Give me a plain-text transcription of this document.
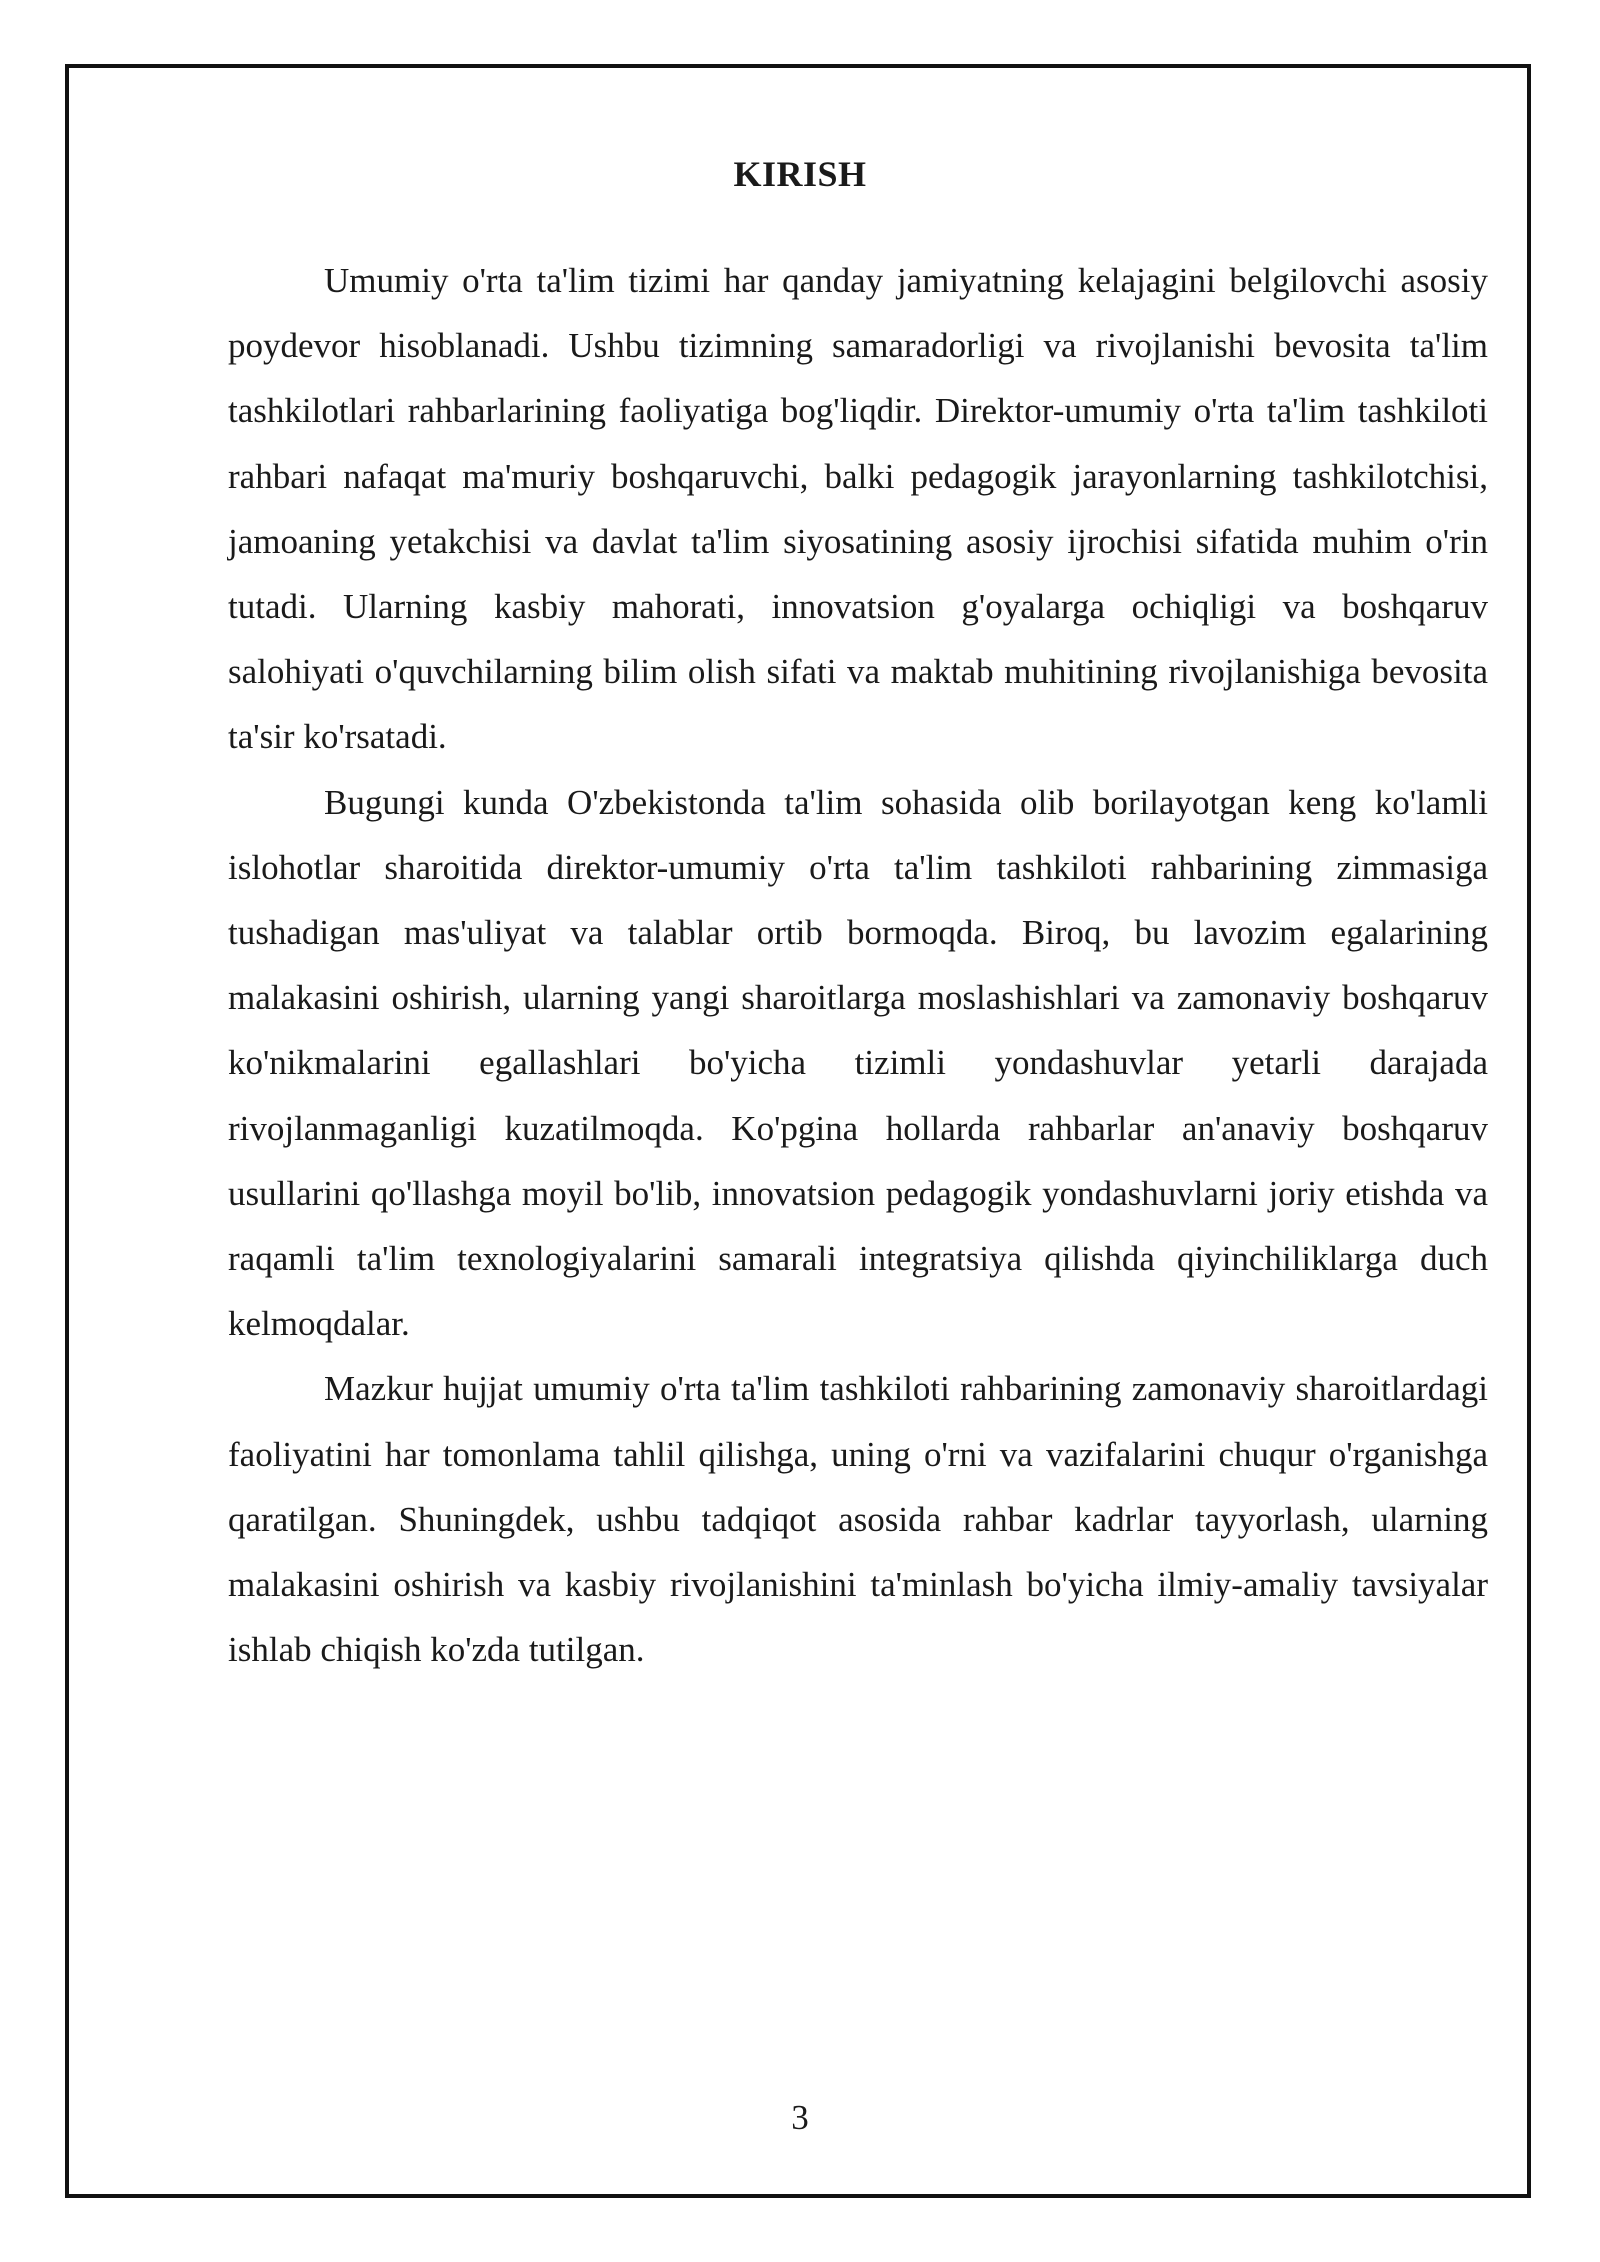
KIRISH

Umumiy o'rta ta'lim tizimi har qanday jamiyatning kelajagini belgilovchi asosiy poydevor hisoblanadi. Ushbu tizimning samaradorligi va rivojlanishi bevosita ta'lim tashkilotlari rahbarlarining faoliyatiga bog'liqdir. Direktor-umumiy o'rta ta'lim tashkiloti rahbari nafaqat ma'muriy boshqaruvchi, balki pedagogik jarayonlarning tashkilotchisi, jamoaning yetakchisi va davlat ta'lim siyosatining asosiy ijrochisi sifatida muhim o'rin tutadi. Ularning kasbiy mahorati, innovatsion g'oyalarga ochiqligi va boshqaruv salohiyati o'quvchilarning bilim olish sifati va maktab muhitining rivojlanishiga bevosita ta'sir ko'rsatadi.

Bugungi kunda O'zbekistonda ta'lim sohasida olib borilayotgan keng ko'lamli islohotlar sharoitida direktor-umumiy o'rta ta'lim tashkiloti rahbarining zimmasiga tushadigan mas'uliyat va talablar ortib bormoqda. Biroq, bu lavozim egalarining malakasini oshirish, ularning yangi sharoitlarga moslashishlari va zamonaviy boshqaruv ko'nikmalarini egallashlari bo'yicha tizimli yondashuvlar yetarli darajada rivojlanmaganligi kuzatilmoqda. Ko'pgina hollarda rahbarlar an'anaviy boshqaruv usullarini qo'llashga moyil bo'lib, innovatsion pedagogik yondashuvlarni joriy etishda va raqamli ta'lim texnologiyalarini samarali integratsiya qilishda qiyinchiliklarga duch kelmoqdalar.

Mazkur hujjat umumiy o'rta ta'lim tashkiloti rahbarining zamonaviy sharoitlardagi faoliyatini har tomonlama tahlil qilishga, uning o'rni va vazifalarini chuqur o'rganishga qaratilgan. Shuningdek, ushbu tadqiqot asosida rahbar kadrlar tayyorlash, ularning malakasini oshirish va kasbiy rivojlanishini ta'minlash bo'yicha ilmiy-amaliy tavsiyalar ishlab chiqish ko'zda tutilgan.

3
